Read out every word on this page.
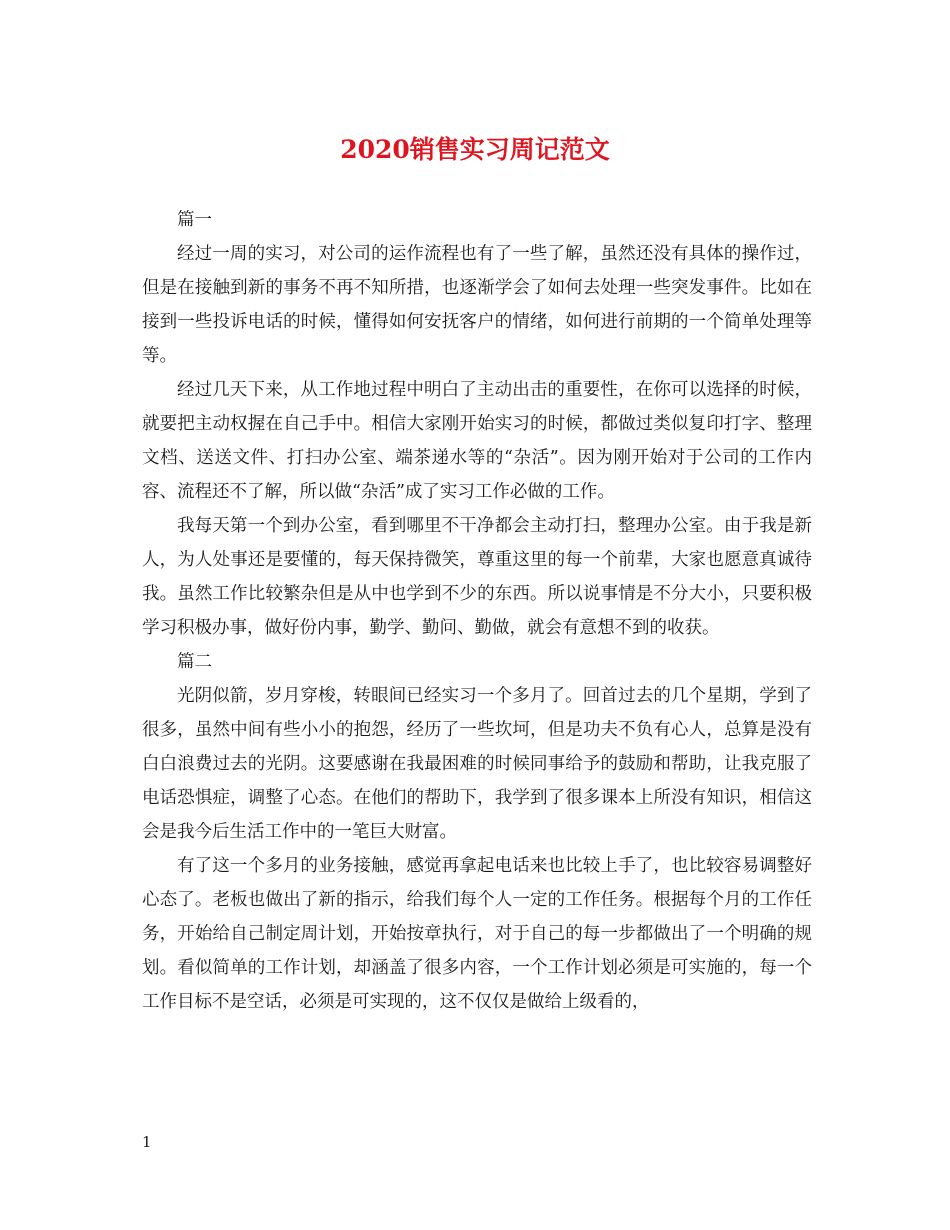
2020销售实习周记范文

篇一

经过一周的实习，对公司的运作流程也有了一些了解，虽然还没有具体的操作过，但是在接触到新的事务不再不知所措，也逐渐学会了如何去处理一些突发事件。比如在接到一些投诉电话的时候，懂得如何安抚客户的情绪，如何进行前期的一个简单处理等等。

经过几天下来，从工作地过程中明白了主动出击的重要性，在你可以选择的时候，就要把主动权握在自己手中。相信大家刚开始实习的时候，都做过类似复印打字、整理文档、送送文件、打扫办公室、端茶递水等的“杂活”。因为刚开始对于公司的工作内容、流程还不了解，所以做“杂活”成了实习工作必做的工作。

我每天第一个到办公室，看到哪里不干净都会主动打扫，整理办公室。由于我是新人，为人处事还是要懂的，每天保持微笑，尊重这里的每一个前辈，大家也愿意真诚待我。虽然工作比较繁杂但是从中也学到不少的东西。所以说事情是不分大小，只要积极学习积极办事，做好份内事，勤学、勤问、勤做，就会有意想不到的收获。

篇二

光阴似箭，岁月穿梭，转眼间已经实习一个多月了。回首过去的几个星期，学到了很多，虽然中间有些小小的抱怨，经历了一些坎坷，但是功夫不负有心人，总算是没有白白浪费过去的光阴。这要感谢在我最困难的时候同事给予的鼓励和帮助，让我克服了电话恐惧症，调整了心态。在他们的帮助下，我学到了很多课本上所没有知识，相信这会是我今后生活工作中的一笔巨大财富。

有了这一个多月的业务接触，感觉再拿起电话来也比较上手了，也比较容易调整好心态了。老板也做出了新的指示，给我们每个人一定的工作任务。根据每个月的工作任务，开始给自己制定周计划，开始按章执行，对于自己的每一步都做出了一个明确的规划。看似简单的工作计划，却涵盖了很多内容，一个工作计划必须是可实施的，每一个工作目标不是空话，必须是可实现的，这不仅仅是做给上级看的，

1
